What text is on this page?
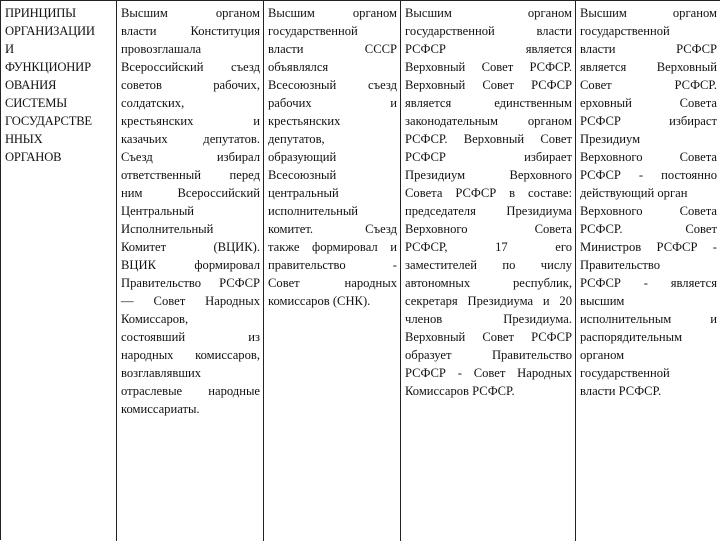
ПРИНЦИПЫ
ОРГАНИЗАЦИИ
И
ФУНКЦИОНИР
ОВАНИЯ
СИСТЕМЫ
ГОСУДАРСТВЕ
ННЫХ
ОРГАНОВ
Высшим органом
власти Конституция
провозглашала
Всероссийский съезд
советов рабочих,
солдатских,
крестьянских и
казачьих депутатов.
Съезд избирал
ответственный перед
ним Всероссийский
Центральный
Исполнительный
Комитет (ВЦИК).
ВЦИК формировал
Правительство РСФСР
— Совет Народных
Комиссаров,
состоявший из
народных комиссаров,
возглавлявших
отраслевые народные
комиссариаты.
Высшим органом
государственной
власти СССР
объявлялся
Всесоюзный съезд
рабочих и
крестьянских
депутатов,
образующий
Всесоюзный
центральный
исполнительный
комитет. Съезд
также формировал и
правительство -
Совет народных
комиссаров (СНК).
Высшим органом
государственной власти
РСФСР является
Верховный Совет РСФСР.
Верховный Совет РСФСР
является единственным
законодательным органом
РСФСР. Верховный Совет
РСФСР избирает
Президиум Верховного
Совета РСФСР в составе:
председателя Президиума
Верховного Совета
РСФСР, 17 его
заместителей по числу
автономных республик,
секретаря Президиума и 20
членов Президиума.
Верховный Совет РСФСР
образует Правительство
РСФСР - Совет Народных
Комиссаров РСФСР.
Высшим органом
государственной
власти РСФСР
является Верховный
Совет РСФСР.
ерховный Совета
РСФСР избираст
Президиум
Верховного Совета
РСФСР - постоянно
действующий орган
Верховного Совета
РСФСР. Совет
Министров РСФСР -
Правительство
РСФСР - является
высшим
исполнительным и
распорядительным
органом
государственной
власти РСФСР.
